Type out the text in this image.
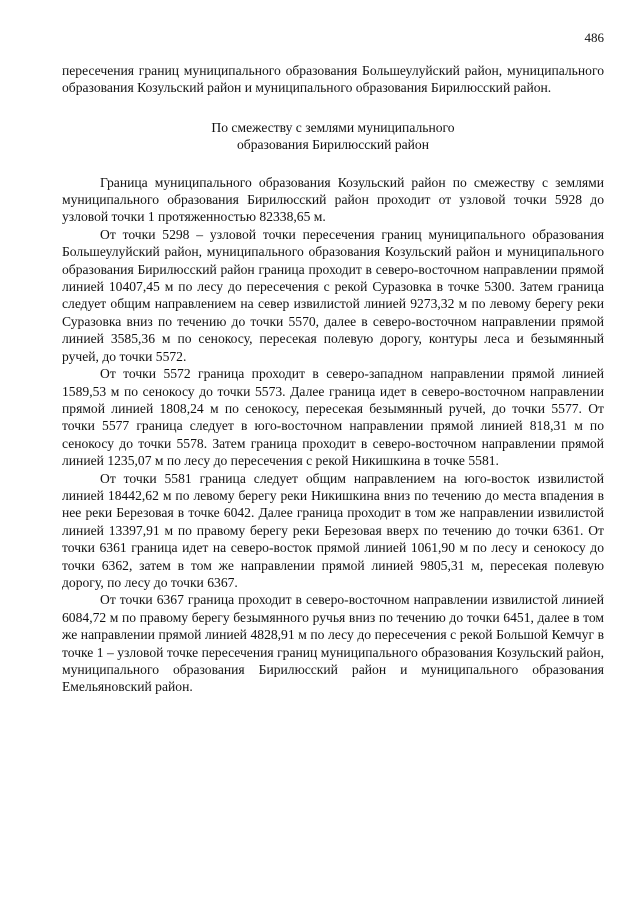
486

пересечения границ муниципального образования Большеулуйский район, муниципального образования Козульский район и муниципального образования Бирилюсский район.

По смежеству с землями муниципального
образования Бирилюсский район

Граница муниципального образования Козульский район по смежеству с землями муниципального образования Бирилюсский район проходит от узловой точки 5928 до узловой точки 1 протяженностью 82338,65 м.

От точки 5298 – узловой точки пересечения границ муниципального образования Большеулуйский район, муниципального образования Козульский район и муниципального образования Бирилюсский район граница проходит в северо-восточном направлении прямой линией 10407,45 м по лесу до пересечения с рекой Суразовка в точке 5300. Затем граница следует общим направлением на север извилистой линией 9273,32 м по левому берегу реки Суразовка вниз по течению до точки 5570, далее в северо-восточном направлении прямой линией 3585,36 м по сенокосу, пересекая полевую дорогу, контуры леса и безымянный ручей, до точки 5572.

От точки 5572 граница проходит в северо-западном направлении прямой линией 1589,53 м по сенокосу до точки 5573. Далее граница идет в северо-восточном направлении прямой линией 1808,24 м по сенокосу, пересекая безымянный ручей, до точки 5577. От точки 5577 граница следует в юго-восточном направлении прямой линией 818,31 м по сенокосу до точки 5578. Затем граница проходит в северо-восточном направлении прямой линией 1235,07 м по лесу до пересечения с рекой Никишкина в точке 5581.

От точки 5581 граница следует общим направлением на юго-восток извилистой линией 18442,62 м по левому берегу реки Никишкина вниз по течению до места впадения в нее реки Березовая в точке 6042. Далее граница проходит в том же направлении извилистой линией 13397,91 м по правому берегу реки Березовая вверх по течению до точки 6361. От точки 6361 граница идет на северо-восток прямой линией 1061,90 м по лесу и сенокосу до точки 6362, затем в том же направлении прямой линией 9805,31 м, пересекая полевую дорогу, по лесу до точки 6367.

От точки 6367 граница проходит в северо-восточном направлении извилистой линией 6084,72 м по правому берегу безымянного ручья вниз по течению до точки 6451, далее в том же направлении прямой линией 4828,91 м по лесу до пересечения с рекой Большой Кемчуг в точке 1 – узловой точке пересечения границ муниципального образования Козульский район, муниципального образования Бирилюсский район и муниципального образования Емельяновский район.
